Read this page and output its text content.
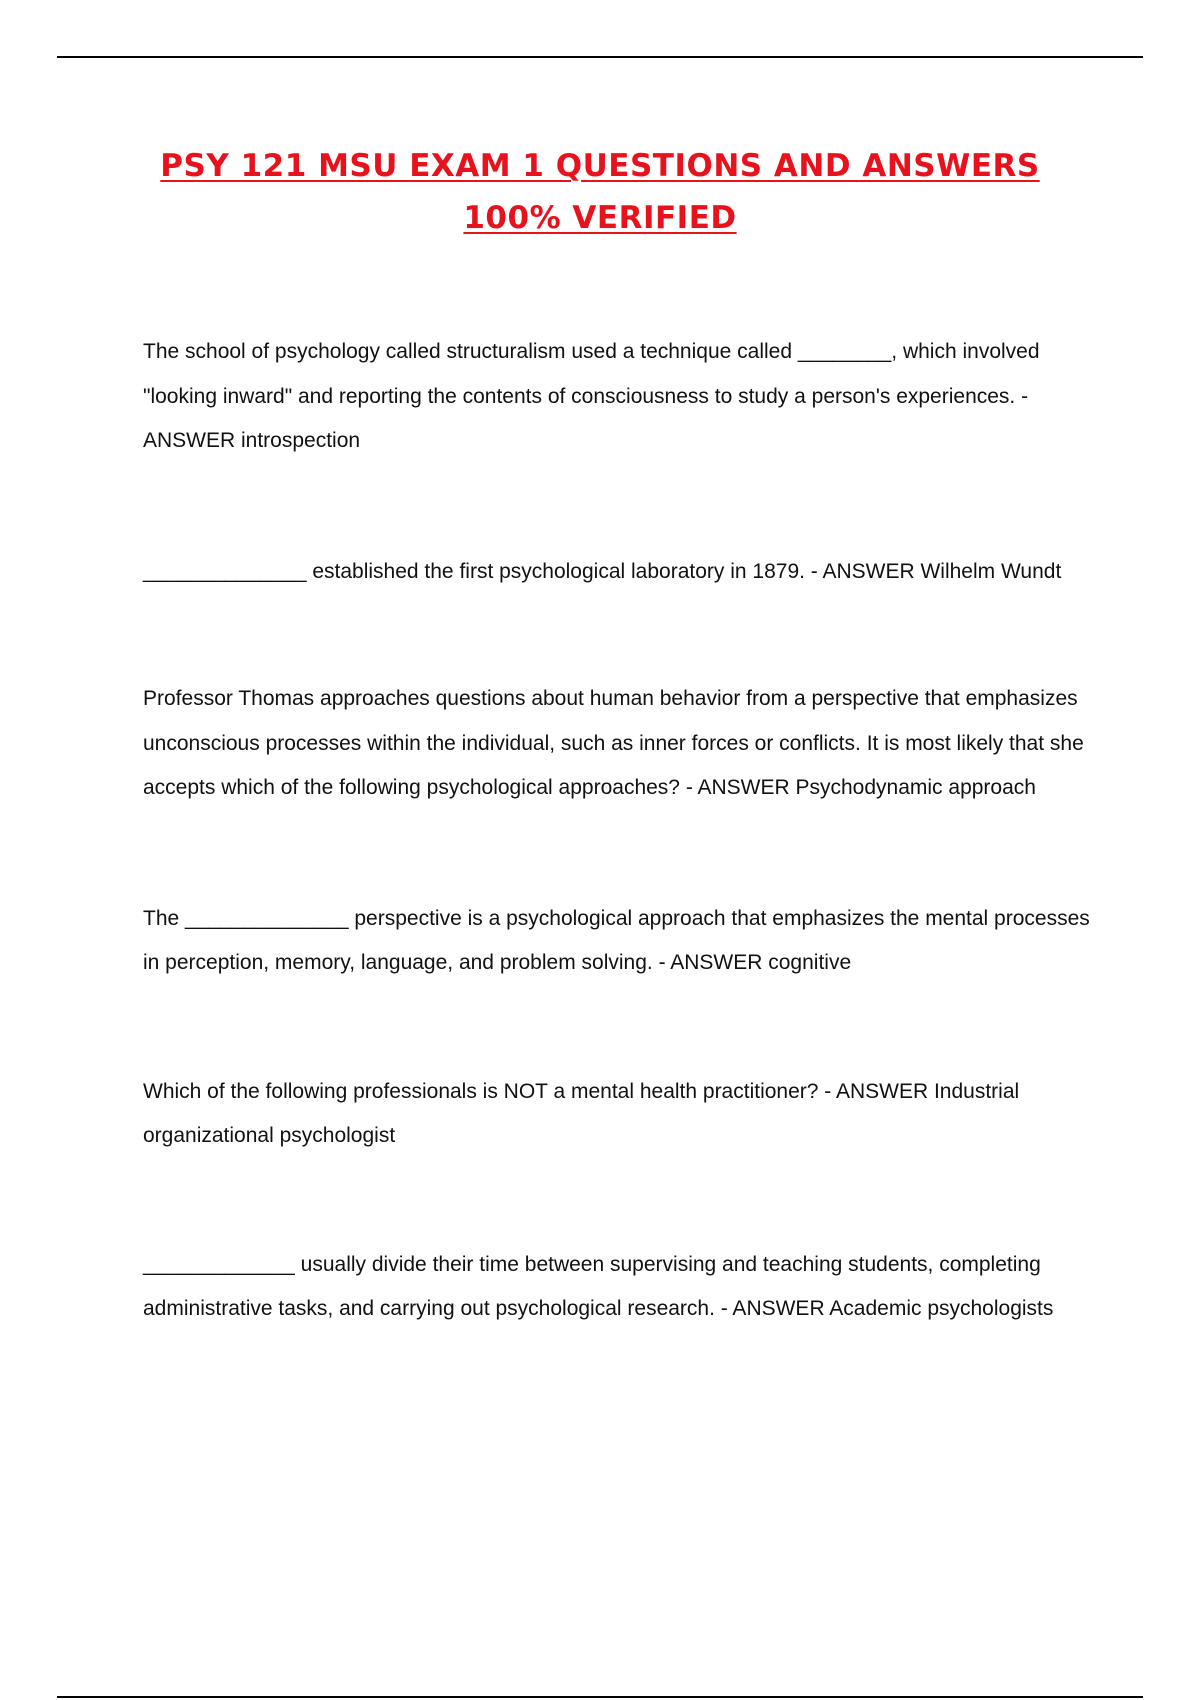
PSY 121 MSU EXAM 1 QUESTIONS AND ANSWERS
100% VERIFIED

The school of psychology called structuralism used a technique called ________, which involved "looking inward" and reporting the contents of consciousness to study a person's experiences. - ANSWER introspection

______________ established the first psychological laboratory in 1879. - ANSWER Wilhelm Wundt

Professor Thomas approaches questions about human behavior from a perspective that emphasizes unconscious processes within the individual, such as inner forces or conflicts. It is most likely that she accepts which of the following psychological approaches? - ANSWER Psychodynamic approach

The ______________ perspective is a psychological approach that emphasizes the mental processes in perception, memory, language, and problem solving. - ANSWER cognitive

Which of the following professionals is NOT a mental health practitioner? - ANSWER Industrial organizational psychologist

_____________ usually divide their time between supervising and teaching students, completing administrative tasks, and carrying out psychological research. - ANSWER Academic psychologists
